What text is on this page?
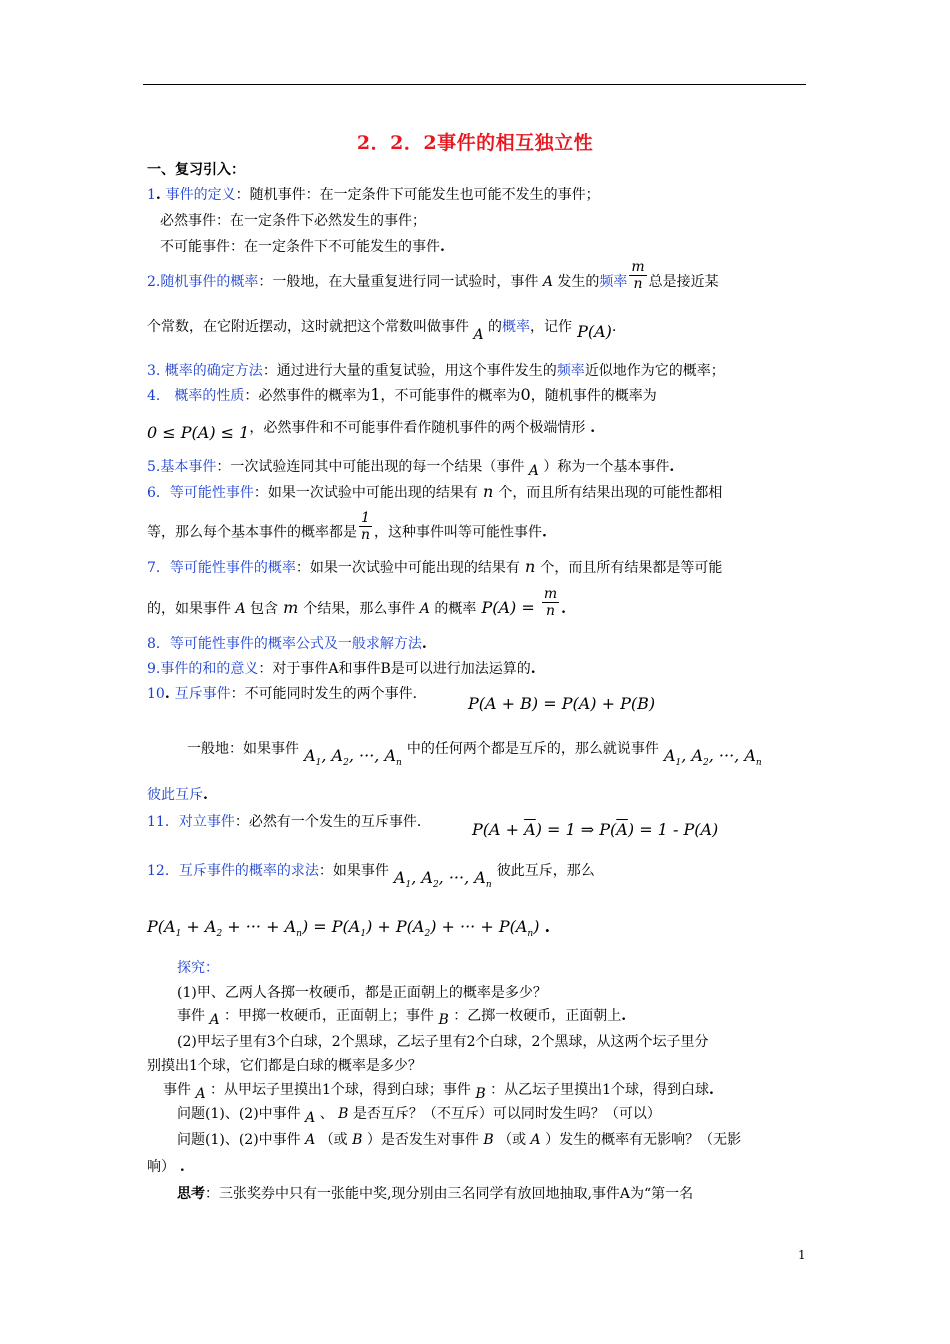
2．2．2事件的相互独立性
一、复习引入：
1. 事件的定义：随机事件：在一定条件下可能发生也可能不发生的事件；
必然事件：在一定条件下必然发生的事件；
不可能事件：在一定条件下不可能发生的事件.
2.随机事件的概率：一般地，在大量重复进行同一试验时，事件 A 发生的频率 $\frac{m}{n}$ 总是接近某
个常数，在它附近摆动，这时就把这个常数叫做事件 A 的概率，记作 P(A).
3. 概率的确定方法：通过进行大量的重复试验，用这个事件发生的频率近似地作为它的概率；
4． 概率的性质：必然事件的概率为1，不可能事件的概率为0，随机事件的概率为
0 ≤ P(A) ≤ 1，必然事件和不可能事件看作随机事件的两个极端情形 .
5.基本事件：一次试验连同其中可能出现的每一个结果（事件 A ）称为一个基本事件.
6．等可能性事件：如果一次试验中可能出现的结果有 n 个，而且所有结果出现的可能性都相
等，那么每个基本事件的概率都是 $\frac{1}{n}$ ，这种事件叫等可能性事件.
7．等可能性事件的概率：如果一次试验中可能出现的结果有 n 个，而且所有结果都是等可能
的，如果事件 A 包含 m 个结果，那么事件 A 的概率 $P(A) = \frac{m}{n}$ .
8．等可能性事件的概率公式及一般求解方法.
9.事件的和的意义：对于事件A和事件B是可以进行加法运算的.
10. 互斥事件：不可能同时发生的两个事件．	P(A + B) = P(A) + P(B)
一般地：如果事件 $A_1$, $A_2$, ···, $A_n$ 中的任何两个都是互斥的，那么就说事件 $A_1$, $A_2$, ···, $A_n$
彼此互斥.
11．对立事件：必然有一个发生的互斥事件．	$P(A + \overline{A}) = 1$ ⇒ $P(\overline{A}) = 1 - P(A)$
12．互斥事件的概率的求法：如果事件 $A_1$, $A_2$, ···, $A_n$ 彼此互斥，那么
$P(A_1 + A_2$ + ··· + $A_n) = P(A_1) + P(A_2)$ + ··· + $P(A_n)$ .
探究：
(1)甲、乙两人各掷一枚硬币，都是正面朝上的概率是多少？
事件 A ：甲掷一枚硬币，正面朝上；事件 B ：乙掷一枚硬币，正面朝上.
(2)甲坛子里有3个白球，2个黑球，乙坛子里有2个白球，2个黑球，从这两个坛子里分
别摸出1个球，它们都是白球的概率是多少？
事件 A ：从甲坛子里摸出1个球，得到白球；事件 B ：从乙坛子里摸出1个球，得到白球.
问题(1)、(2)中事件 A 、 B 是否互斥？（不互斥）可以同时发生吗？（可以）
问题(1)、(2)中事件 A （或 B ）是否发生对事件 B （或 A ）发生的概率有无影响？（无影
响） .
思考：三张奖券中只有一张能中奖,现分别由三名同学有放回地抽取,事件A为“第一名
1
